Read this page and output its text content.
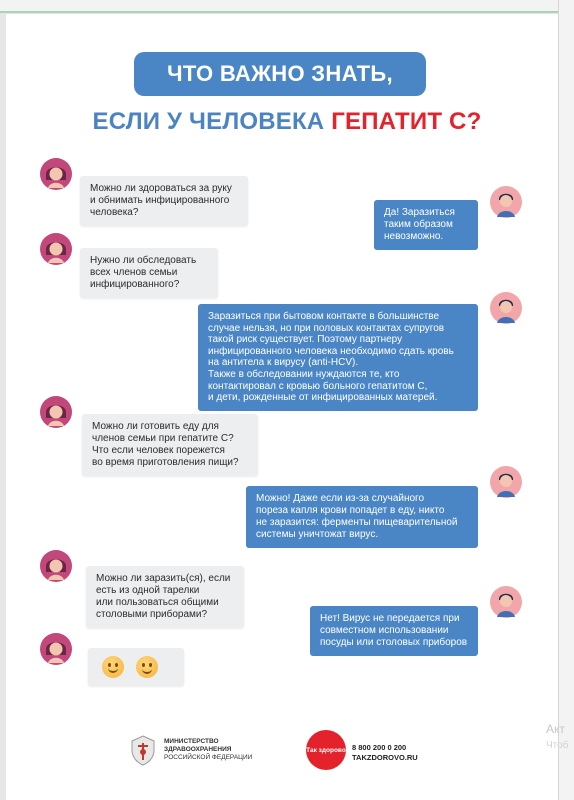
ЧТО ВАЖНО ЗНАТЬ,
ЕСЛИ У ЧЕЛОВЕКА ГЕПАТИТ С?
Можно ли здороваться за руку
и обнимать инфицированного
человека?	Да! Заразиться
таким образом
невозможно.
Нужно ли обследовать
всех членов семьи
инфицированного?
Заразиться при бытовом контакте в большинстве
случае нельзя, но при половых контактах супругов
такой риск существует. Поэтому партнеру
инфицированного человека необходимо сдать кровь
на антитела к вирусу (anti-HCV).
Также в обследовании нуждаются те, кто
контактировал с кровью больного гепатитом С,
и дети, рожденные от инфицированных матерей.
Можно ли готовить еду для
членов семьи при гепатите С?
Что если человек порежется
во время приготовления пищи?
Можно! Даже если из-за случайного
пореза капля крови попадет в еду, никто
не заразится: ферменты пищеварительной
системы уничтожат вирус.
Можно ли заразить(ся), если
есть из одной тарелки
или пользоваться общими
столовыми приборами?	Нет! Вирус не передается при
совместном использовании
посуды или столовых приборов
МИНИСТЕРСТВО
ЗДРАВООХРАНЕНИЯ
РОССИЙСКОЙ ФЕДЕРАЦИИ
Так здорово 8 800 200 0 200
TAKZDOROVO.RU
Акт
Чтоб
